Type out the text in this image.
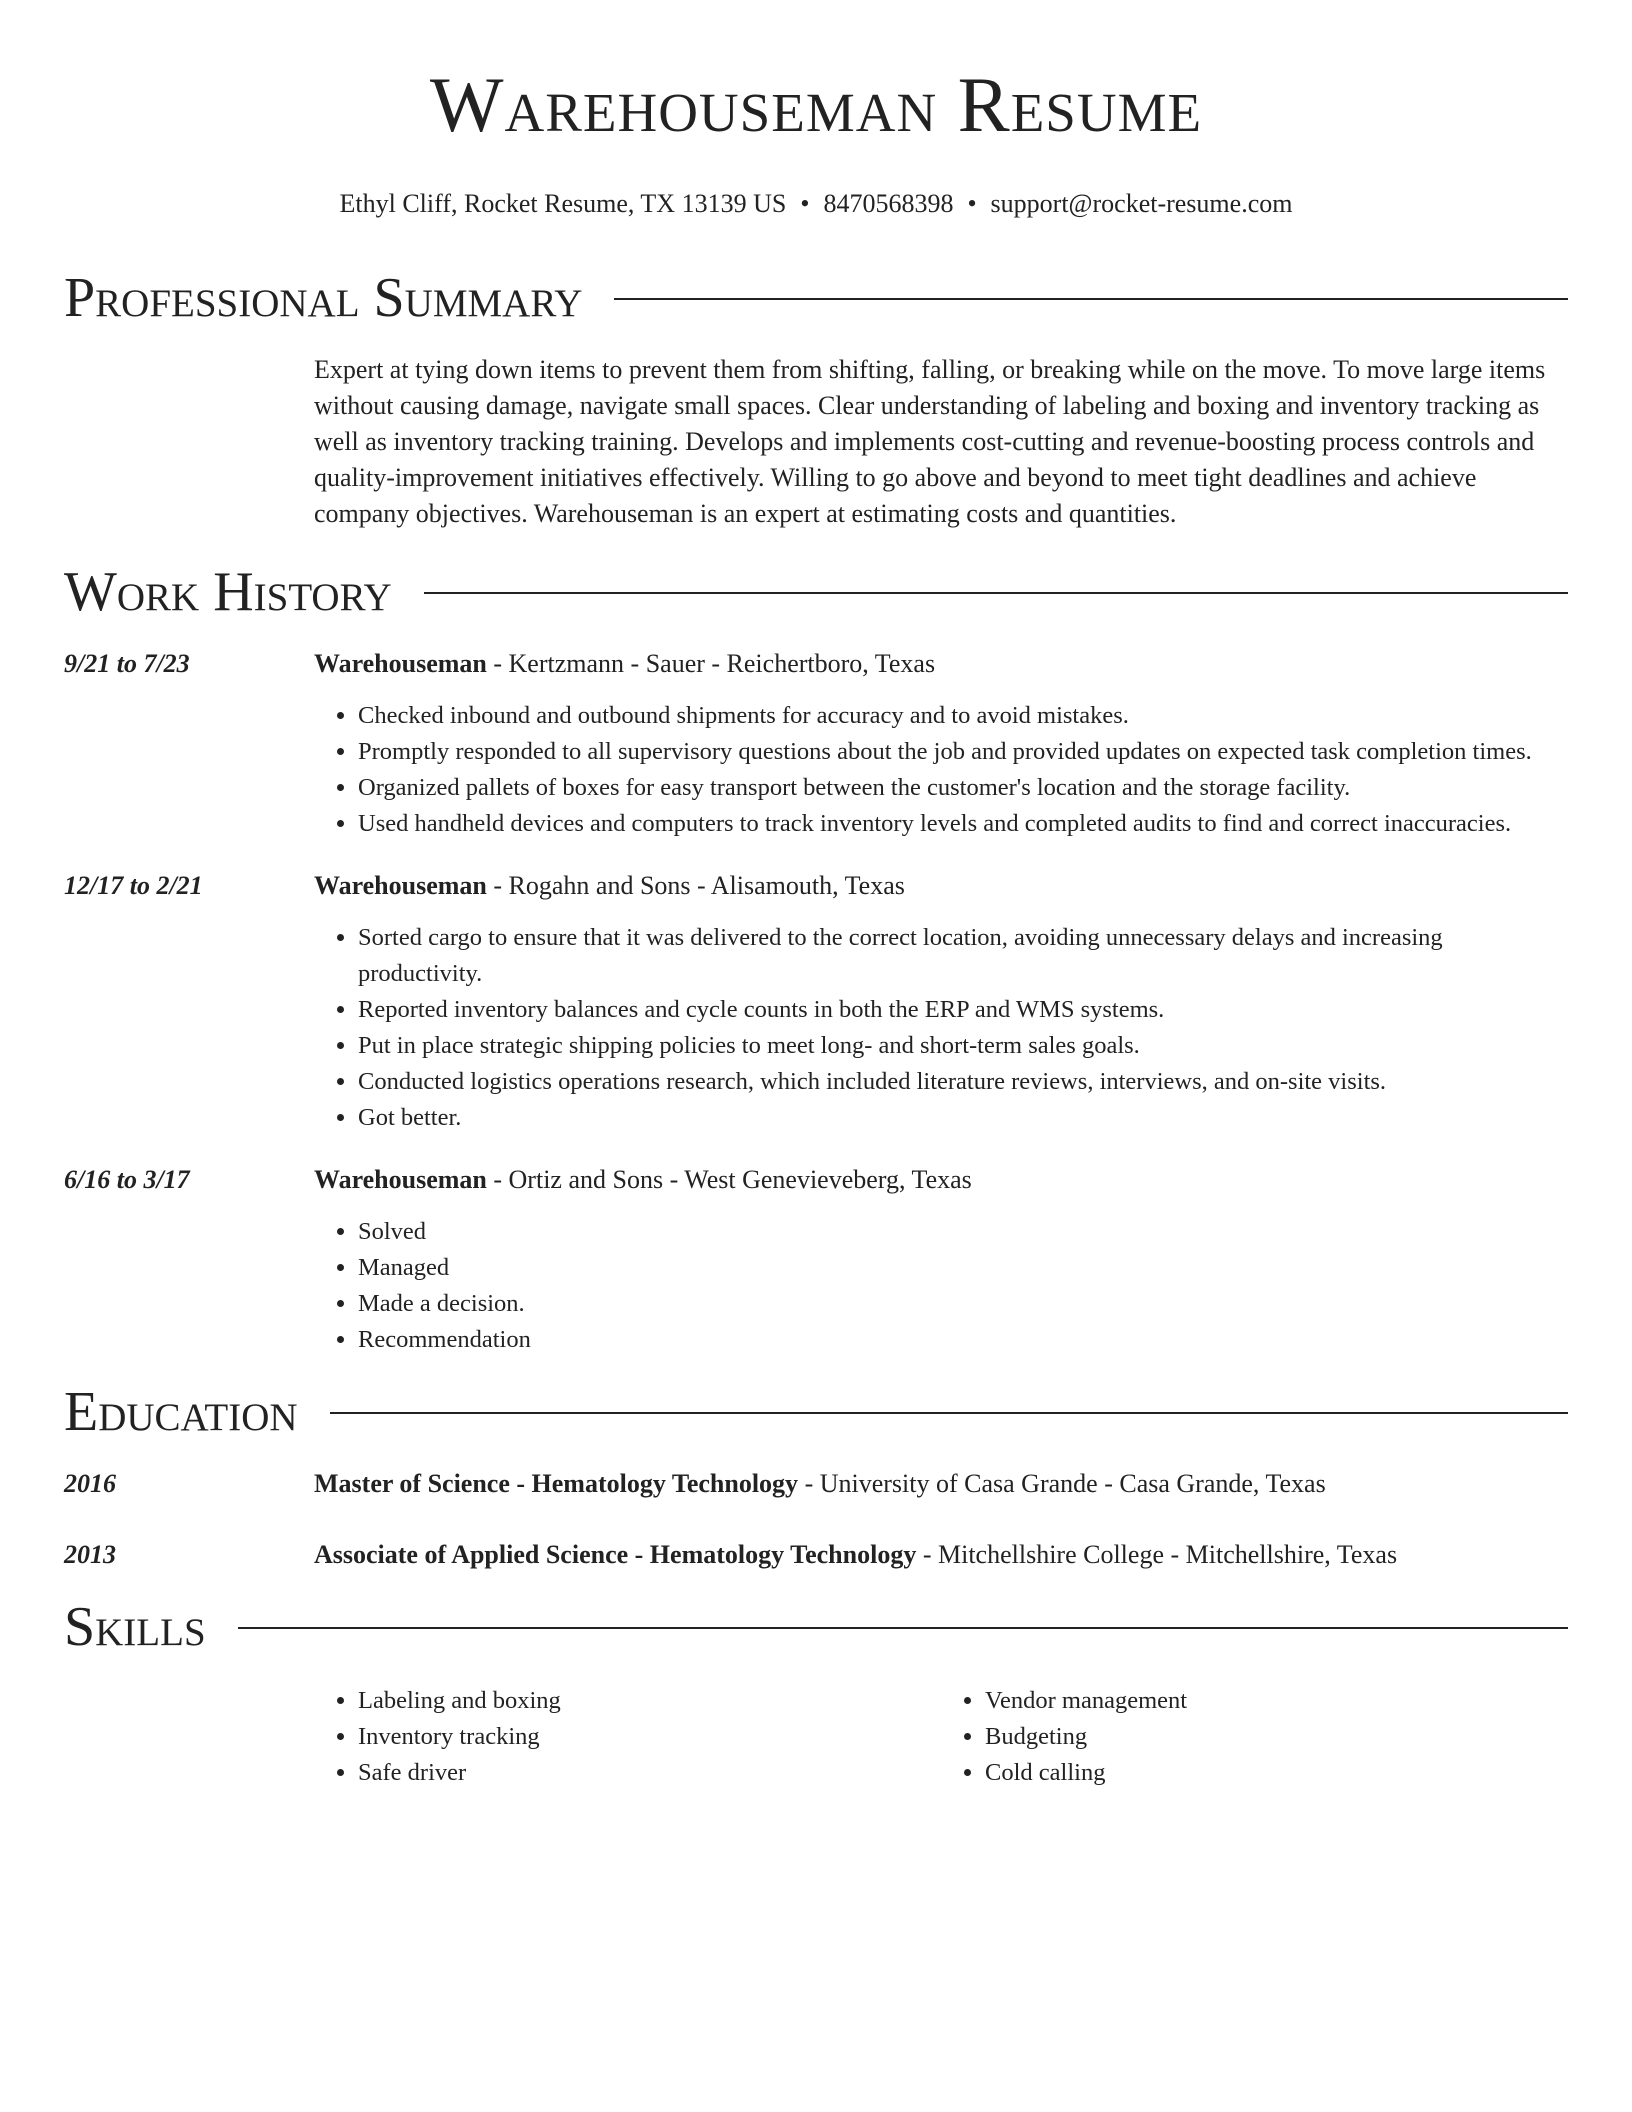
Warehouseman Resume
Ethyl Cliff, Rocket Resume, TX 13139 US • 8470568398 • support@rocket-resume.com
Professional Summary
Expert at tying down items to prevent them from shifting, falling, or breaking while on the move. To move large items without causing damage, navigate small spaces. Clear understanding of labeling and boxing and inventory tracking as well as inventory tracking training. Develops and implements cost-cutting and revenue-boosting process controls and quality-improvement initiatives effectively. Willing to go above and beyond to meet tight deadlines and achieve company objectives. Warehouseman is an expert at estimating costs and quantities.
Work History
9/21 to 7/23	Warehouseman - Kertzmann - Sauer - Reichertboro, Texas
• Checked inbound and outbound shipments for accuracy and to avoid mistakes.
• Promptly responded to all supervisory questions about the job and provided updates on expected task completion times.
• Organized pallets of boxes for easy transport between the customer's location and the storage facility.
• Used handheld devices and computers to track inventory levels and completed audits to find and correct inaccuracies.
12/17 to 2/21	Warehouseman - Rogahn and Sons - Alisamouth, Texas
• Sorted cargo to ensure that it was delivered to the correct location, avoiding unnecessary delays and increasing productivity.
• Reported inventory balances and cycle counts in both the ERP and WMS systems.
• Put in place strategic shipping policies to meet long- and short-term sales goals.
• Conducted logistics operations research, which included literature reviews, interviews, and on-site visits.
• Got better.
6/16 to 3/17	Warehouseman - Ortiz and Sons - West Genevieveberg, Texas
• Solved
• Managed
• Made a decision.
• Recommendation
Education
2016	Master of Science - Hematology Technology - University of Casa Grande - Casa Grande, Texas
2013	Associate of Applied Science - Hematology Technology - Mitchellshire College - Mitchellshire, Texas
Skills
• Labeling and boxing
• Inventory tracking
• Safe driver
• Vendor management
• Budgeting
• Cold calling
